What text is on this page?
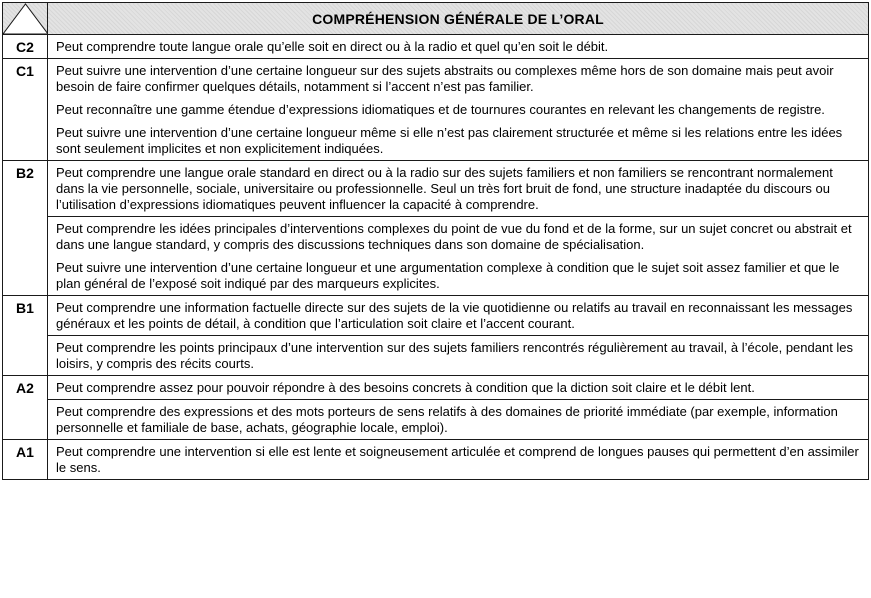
	COMPRÉHENSION GÉNÉRALE DE L’ORAL
C2	Peut comprendre toute langue orale qu’elle soit en direct ou à la radio et quel qu’en soit le débit.

C1	Peut suivre une intervention d’une certaine longueur sur des sujets abstraits ou complexes même hors de son domaine mais peut avoir besoin de faire confirmer quelques détails, notamment si l’accent n’est pas familier.
Peut reconnaître une gamme étendue d’expressions idiomatiques et de tournures courantes en relevant les changements de registre.
Peut suivre une intervention d’une certaine longueur même si elle n’est pas clairement structurée et même si les relations entre les idées sont seulement implicites et non explicitement indiquées.

B2	Peut comprendre une langue orale standard en direct ou à la radio sur des sujets familiers et non familiers se rencontrant normalement dans la vie personnelle, sociale, universitaire ou professionnelle. Seul un très fort bruit de fond, une structure inadaptée du discours ou l’utilisation d’expressions idiomatiques peuvent influencer la capacité à comprendre.
Peut comprendre les idées principales d’interventions complexes du point de vue du fond et de la forme, sur un sujet concret ou abstrait et dans une langue standard, y compris des discussions techniques dans son domaine de spécialisation.
Peut suivre une intervention d’une certaine longueur et une argumentation complexe à condition que le sujet soit assez familier et que le plan général de l’exposé soit indiqué par des marqueurs explicites.

B1	Peut comprendre une information factuelle directe sur des sujets de la vie quotidienne ou relatifs au travail en reconnaissant les messages généraux et les points de détail, à condition que l’articulation soit claire et l’accent courant.
Peut comprendre les points principaux d’une intervention sur des sujets familiers rencontrés régulièrement au travail, à l’école, pendant les loisirs, y compris des récits courts.

A2	Peut comprendre assez pour pouvoir répondre à des besoins concrets à condition que la diction soit claire et le débit lent.
Peut comprendre des expressions et des mots porteurs de sens relatifs à des domaines de priorité immédiate (par exemple, information personnelle et familiale de base, achats, géographie locale, emploi).

A1	Peut comprendre une intervention si elle est lente et soigneusement articulée et comprend de longues pauses qui permettent d’en assimiler le sens.
